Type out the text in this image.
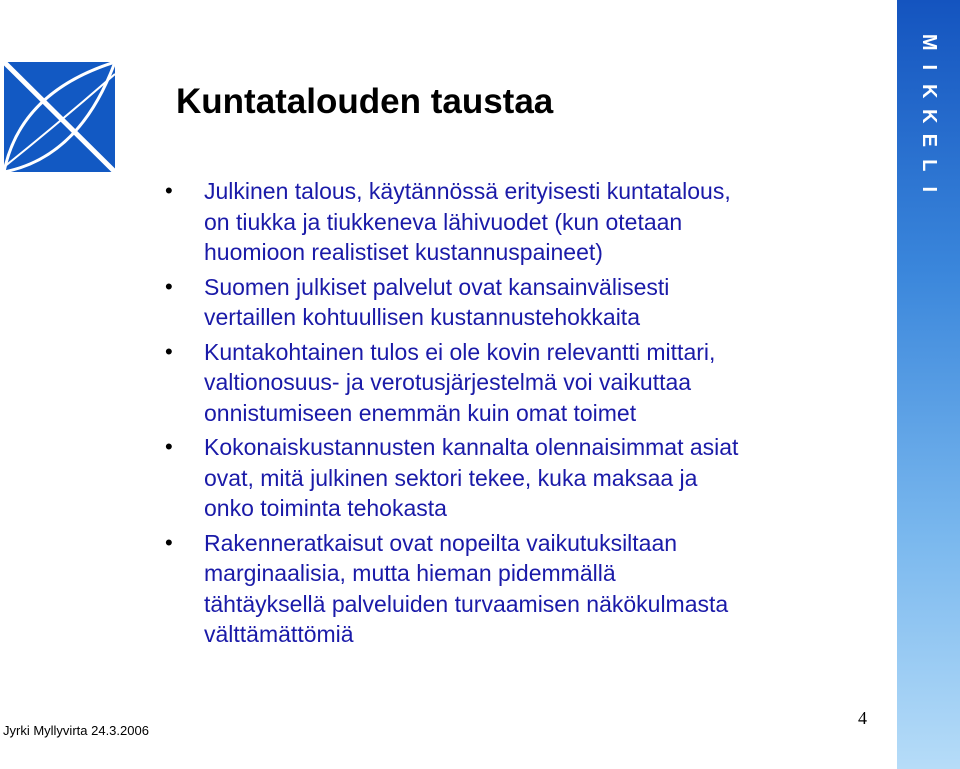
Kuntatalouden taustaa
• Julkinen talous, käytännössä erityisesti kuntatalous,
on tiukka ja tiukkeneva lähivuodet (kun otetaan
huomioon realistiset kustannuspaineet)
• Suomen julkiset palvelut ovat kansainvälisesti
vertaillen kohtuullisen kustannustehokkaita
• Kuntakohtainen tulos ei ole kovin relevantti mittari,
valtionosuus- ja verotusjärjestelmä voi vaikuttaa
onnistumiseen enemmän kuin omat toimet
• Kokonaiskustannusten kannalta olennaisimmat asiat
ovat, mitä julkinen sektori tekee, kuka maksaa ja
onko toiminta tehokasta
• Rakenneratkaisut ovat nopeilta vaikutuksiltaan
marginaalisia, mutta hieman pidemmällä
tähtäyksellä palveluiden turvaamisen näkökulmasta
välttämättömiä
M
I
K
K
E
L
I
Jyrki Myllyvirta 24.3.2006
4
